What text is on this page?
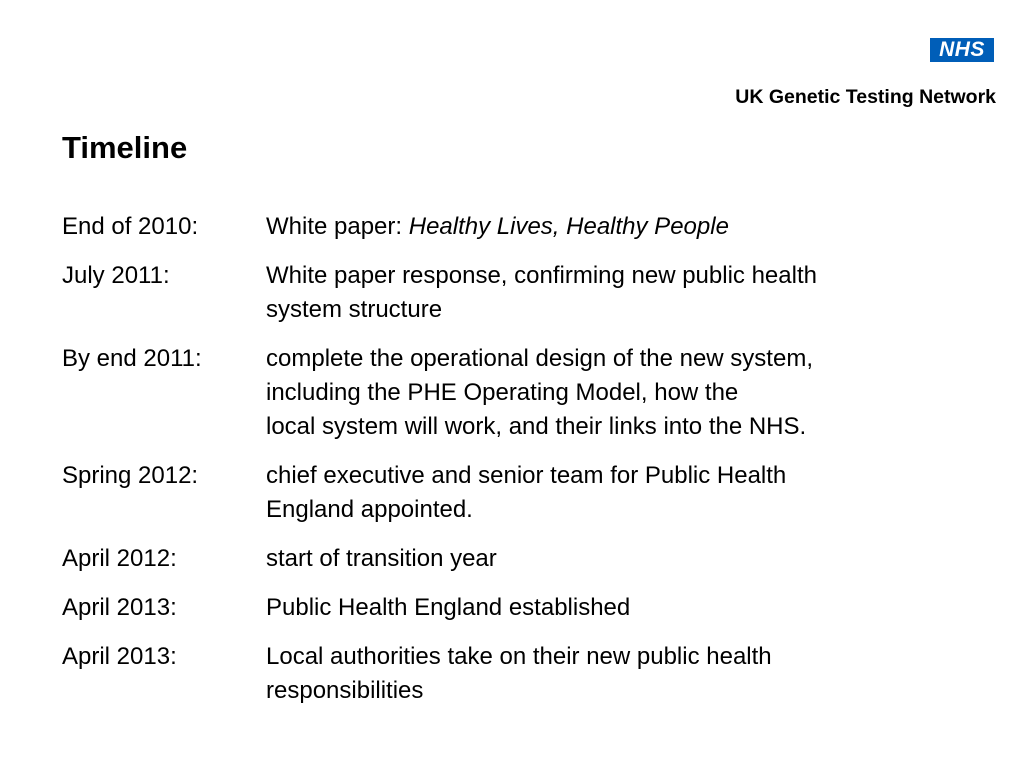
NHS
UK Genetic Testing Network
Timeline
End of 2010:	White paper: Healthy Lives, Healthy People
July 2011:	White paper response, confirming new public health
system structure
By end 2011:	complete the operational design of the new system,
including the PHE Operating Model, how the
local system will work, and their links into the NHS.
Spring 2012:	chief executive and senior team for Public Health
England appointed.
April 2012:	start of transition year
April 2013:	Public Health England established
April 2013:	Local authorities take on their new public health
responsibilities
